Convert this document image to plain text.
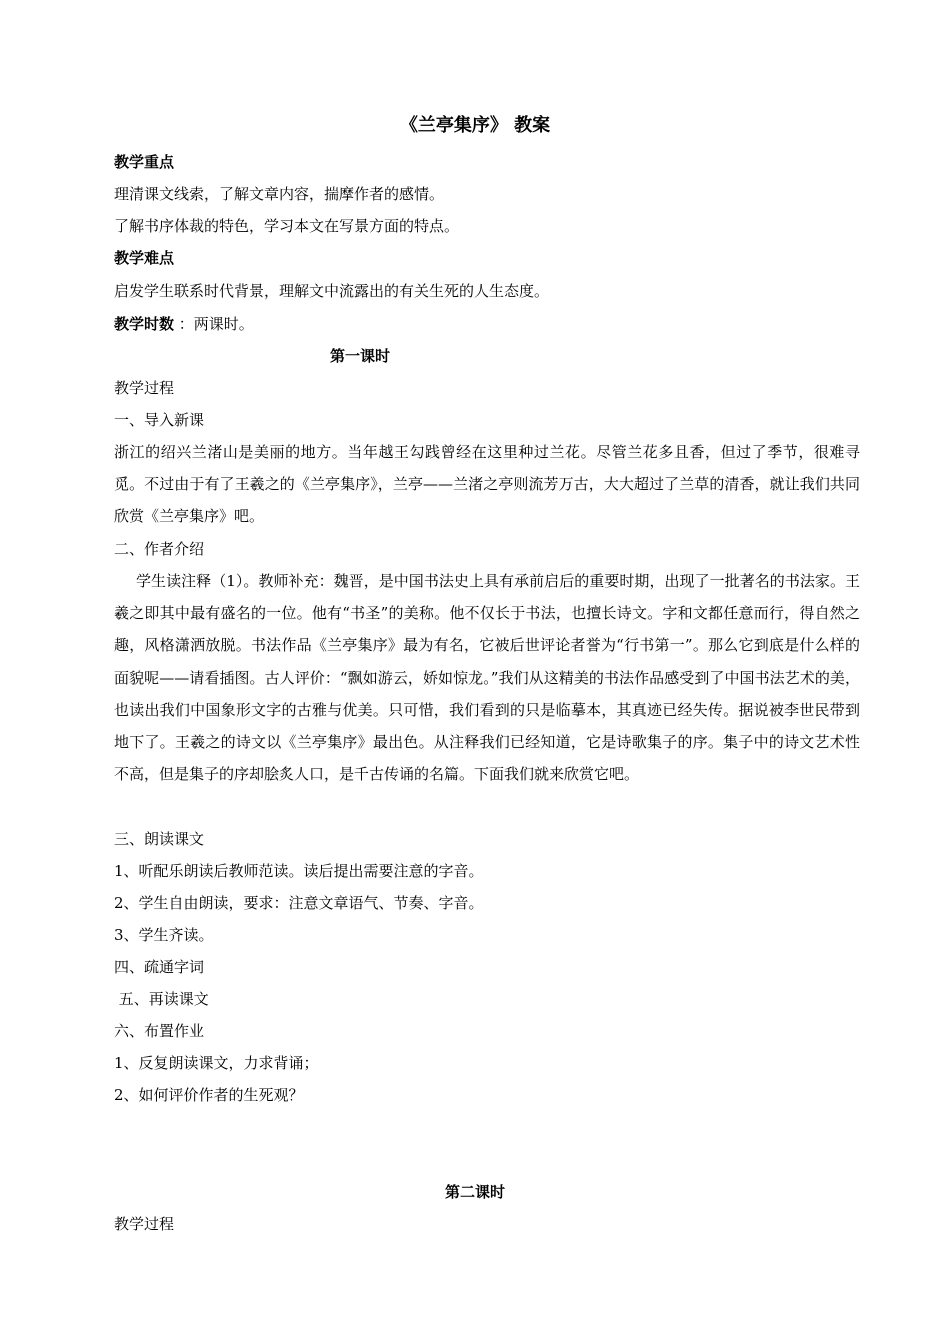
《兰亭集序》 教案
教学重点
理清课文线索，了解文章内容，揣摩作者的感情。
了解书序体裁的特色，学习本文在写景方面的特点。
教学难点
启发学生联系时代背景，理解文中流露出的有关生死的人生态度。
教学时数 ：两课时。
第一课时
教学过程
一、导入新课
浙江的绍兴兰渚山是美丽的地方。当年越王勾践曾经在这里种过兰花。尽管兰花多且香，但过了季节，很难寻觅。不过由于有了王羲之的《兰亭集序》，兰亭——兰渚之亭则流芳万古，大大超过了兰草的清香，就让我们共同欣赏《兰亭集序》吧。
二、作者介绍
学生读注释（1）。教师补充：魏晋，是中国书法史上具有承前启后的重要时期，出现了一批著名的书法家。王羲之即其中最有盛名的一位。他有“书圣”的美称。他不仅长于书法，也擅长诗文。字和文都任意而行，得自然之趣，风格潇洒放脱。书法作品《兰亭集序》最为有名，它被后世评论者誉为“行书第一”。那么它到底是什么样的面貌呢——请看插图。古人评价：“飘如游云，娇如惊龙。”我们从这精美的书法作品感受到了中国书法艺术的美，也读出我们中国象形文字的古雅与优美。只可惜，我们看到的只是临摹本，其真迹已经失传。据说被李世民带到地下了。王羲之的诗文以《兰亭集序》最出色。从注释我们已经知道，它是诗歌集子的序。集子中的诗文艺术性不高，但是集子的序却脍炙人口，是千古传诵的名篇。下面我们就来欣赏它吧。
三、朗读课文
1、听配乐朗读后教师范读。读后提出需要注意的字音。
2、学生自由朗读，要求：注意文章语气、节奏、字音。
3、学生齐读。
四、疏通字词
五、再读课文
六、布置作业
1、反复朗读课文，力求背诵；
2、如何评价作者的生死观？
第二课时
教学过程
